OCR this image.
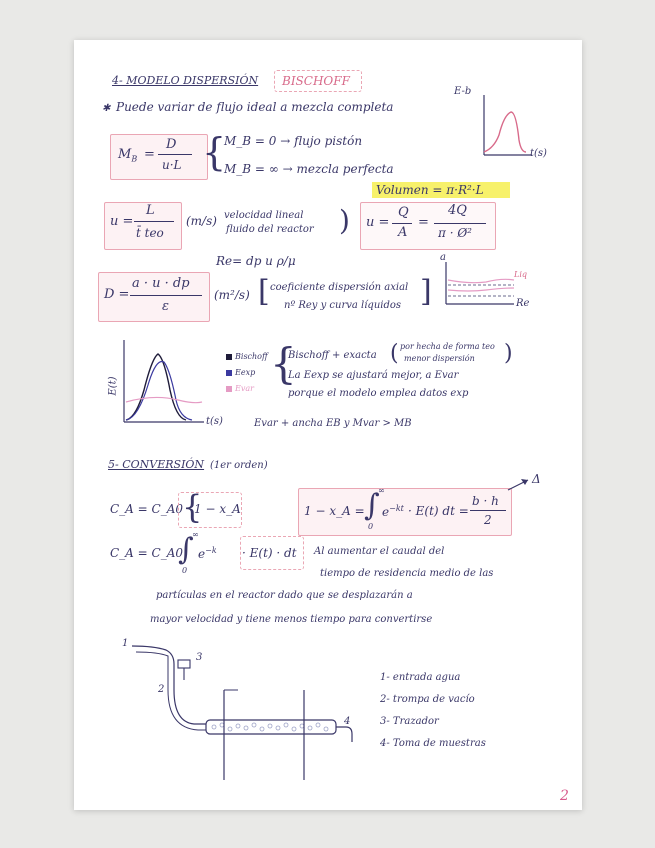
4- MODELO DISPERSIÓN BISCHOFF
✱ Puede variar de flujo ideal a mezcla completa
E-b
t(s)
$M_B$ =
D
u·L {
M_B = 0 → flujo pistón
M_B = ∞ → mezcla perfecta
Volumen = π·R²·L
u =
L
t̄ teo
(m/s) velocidad lineal
fluido del reactor ) u =
Q
A
=
4Q
π · Ø²
Re= dp u ρ/μ
D =
a · u · dp
ε
(m²/s) [ coeficiente dispersión axial
nº Rey y curva líquidos ]
a
Liq
Re
E(t)
t(s)
Bischoff
Eexp
Evar
{
Bischoff + exacta ( por hecha de forma teo
menor dispersión )
La Eexp se ajustará mejor, a Evar
porque el modelo emplea datos exp
Evar + ancha EB y Mvar > MB
5- CONVERSIÓN (1er orden)
C_A = C_A0
{
1 − x_A	1 − x_A = ∫
∞
0
$e^{-kt} \cdot E(t)$ dt =
b · h
2
Δ
C_A = C_A0
∫
∞
0
$e^{-k} \cdot E(t)$ · dt Al aumentar el caudal del
tiempo de residencia medio de las
partículas en el reactor dado que se desplazarán a
mayor velocidad y tiene menos tiempo para convertirse
1
2
3
4
1- entrada agua
2- trompa de vacío
3- Trazador
4- Toma de muestras
2
